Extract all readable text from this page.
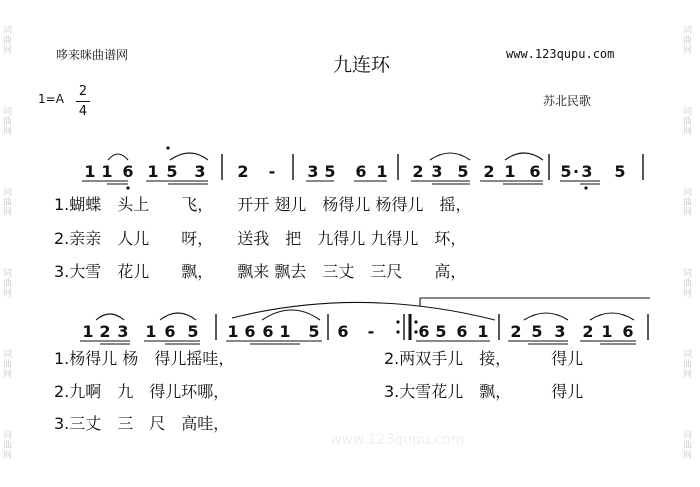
词曲网
词曲网
词曲网
词曲网
词曲网
词曲网
词曲网
词曲网
词曲网
词曲网
词曲网
词曲网
哆来咪曲谱网	九连环	www.123qupu.com
1=A 2
4
苏北民歌
1 1 6 1 5 3 2 - 3 5 6 1 2 3 5 2 1 6 5 · 3 5
1 2 3 1 6 5 1 6 6 1 5 6 -	6 5 6 1 2 5 3 2 1 6
www.123qupu.com
1.蝴蝶　头上　　飞，　　开开 翅儿　杨得儿 杨得儿　摇，
2.亲亲　人儿　　呀，　　送我　把　九得儿 九得儿　环，
3.大雪　花儿　　飘，　　飘来 飘去　三丈　三尺　　高，
1.杨得儿 杨　得儿摇哇，
2.九啊　九　得儿环哪，
3.三丈　三　尺　高哇，
2.两双手儿　接，　　　得儿
3.大雪花儿　飘，　　　得儿
